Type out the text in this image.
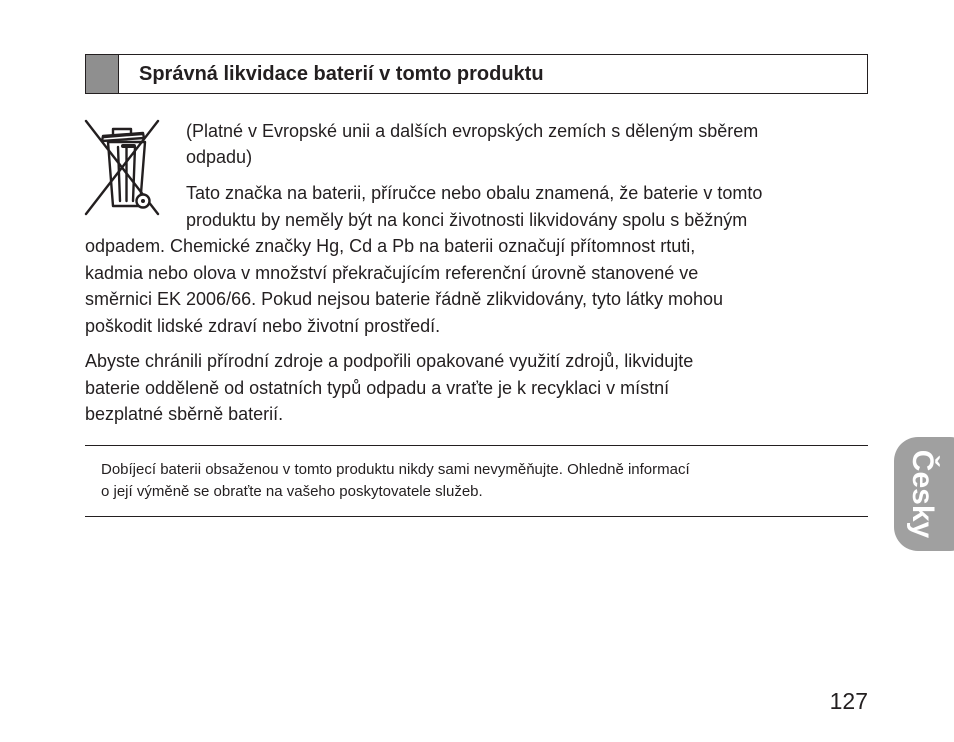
Správná likvidace baterií v tomto produktu

(Platné v Evropské unii a dalších evropských zemích s děleným sběrem

odpadu)

Tato značka na baterii, příručce nebo obalu znamená, že baterie v tomto

produktu by neměly být na konci životnosti likvidovány spolu s běžným

odpadem. Chemické značky Hg, Cd a Pb na baterii označují přítomnost rtuti,

kadmia nebo olova v množství překračujícím referenční úrovně stanovené ve

směrnici EK 2006/66. Pokud nejsou baterie řádně zlikvidovány, tyto látky mohou

poškodit lidské zdraví nebo životní prostředí.

Abyste chránili přírodní zdroje a podpořili opakované využití zdrojů, likvidujte

baterie odděleně od ostatních typů odpadu a vraťte je k recyklaci v místní

bezplatné sběrně baterií.

Dobíjecí baterii obsaženou v tomto produktu nikdy sami nevyměňujte. Ohledně informací
o její výměně se obraťte na vašeho poskytovatele služeb.	Česky
127
